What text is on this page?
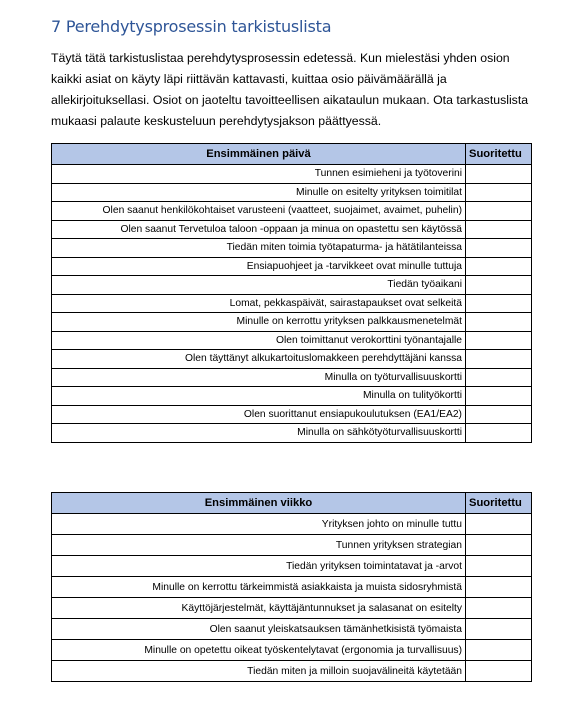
7 Perehdytysprosessin tarkistuslista

Täytä tätä tarkistuslistaa perehdytysprosessin edetessä. Kun mielestäsi yhden osion kaikki asiat on käyty läpi riittävän kattavasti, kuittaa osio päivämäärällä ja allekirjoituksellasi. Osiot on jaoteltu tavoitteellisen aikataulun mukaan. Ota tarkastuslista mukaasi palaute keskusteluun perehdytysjakson päättyessä.

Ensimmäinen päivä	Suoritettu
Tunnen esimieheni ja työtoverini	
Minulle on esitelty yrityksen toimitilat	
Olen saanut henkilökohtaiset varusteeni (vaatteet, suojaimet, avaimet, puhelin)	
Olen saanut Tervetuloa taloon -oppaan ja minua on opastettu sen käytössä	
Tiedän miten toimia työtapaturma- ja hätätilanteissa	
Ensiapuohjeet ja -tarvikkeet ovat minulle tuttuja	
Tiedän työaikani	
Lomat, pekkaspäivät, sairastapaukset ovat selkeitä	
Minulle on kerrottu yrityksen palkkausmenetelmät	
Olen toimittanut verokorttini työnantajalle	
Olen täyttänyt alkukartoituslomakkeen perehdyttäjäni kanssa	
Minulla on työturvallisuuskortti	
Minulla on tulityökortti	
Olen suorittanut ensiapukoulutuksen (EA1/EA2)	
Minulla on sähkötyöturvallisuuskortti	
Ensimmäinen viikko	Suoritettu
Yrityksen johto on minulle tuttu	
Tunnen yrityksen strategian	
Tiedän yrityksen toimintatavat ja -arvot	
Minulle on kerrottu tärkeimmistä asiakkaista ja muista sidosryhmistä	
Käyttöjärjestelmät, käyttäjäntunnukset ja salasanat on esitelty	
Olen saanut yleiskatsauksen tämänhetkisistä työmaista	
Minulle on opetettu oikeat työskentelytavat (ergonomia ja turvallisuus)	
Tiedän miten ja milloin suojavälineitä käytetään	
